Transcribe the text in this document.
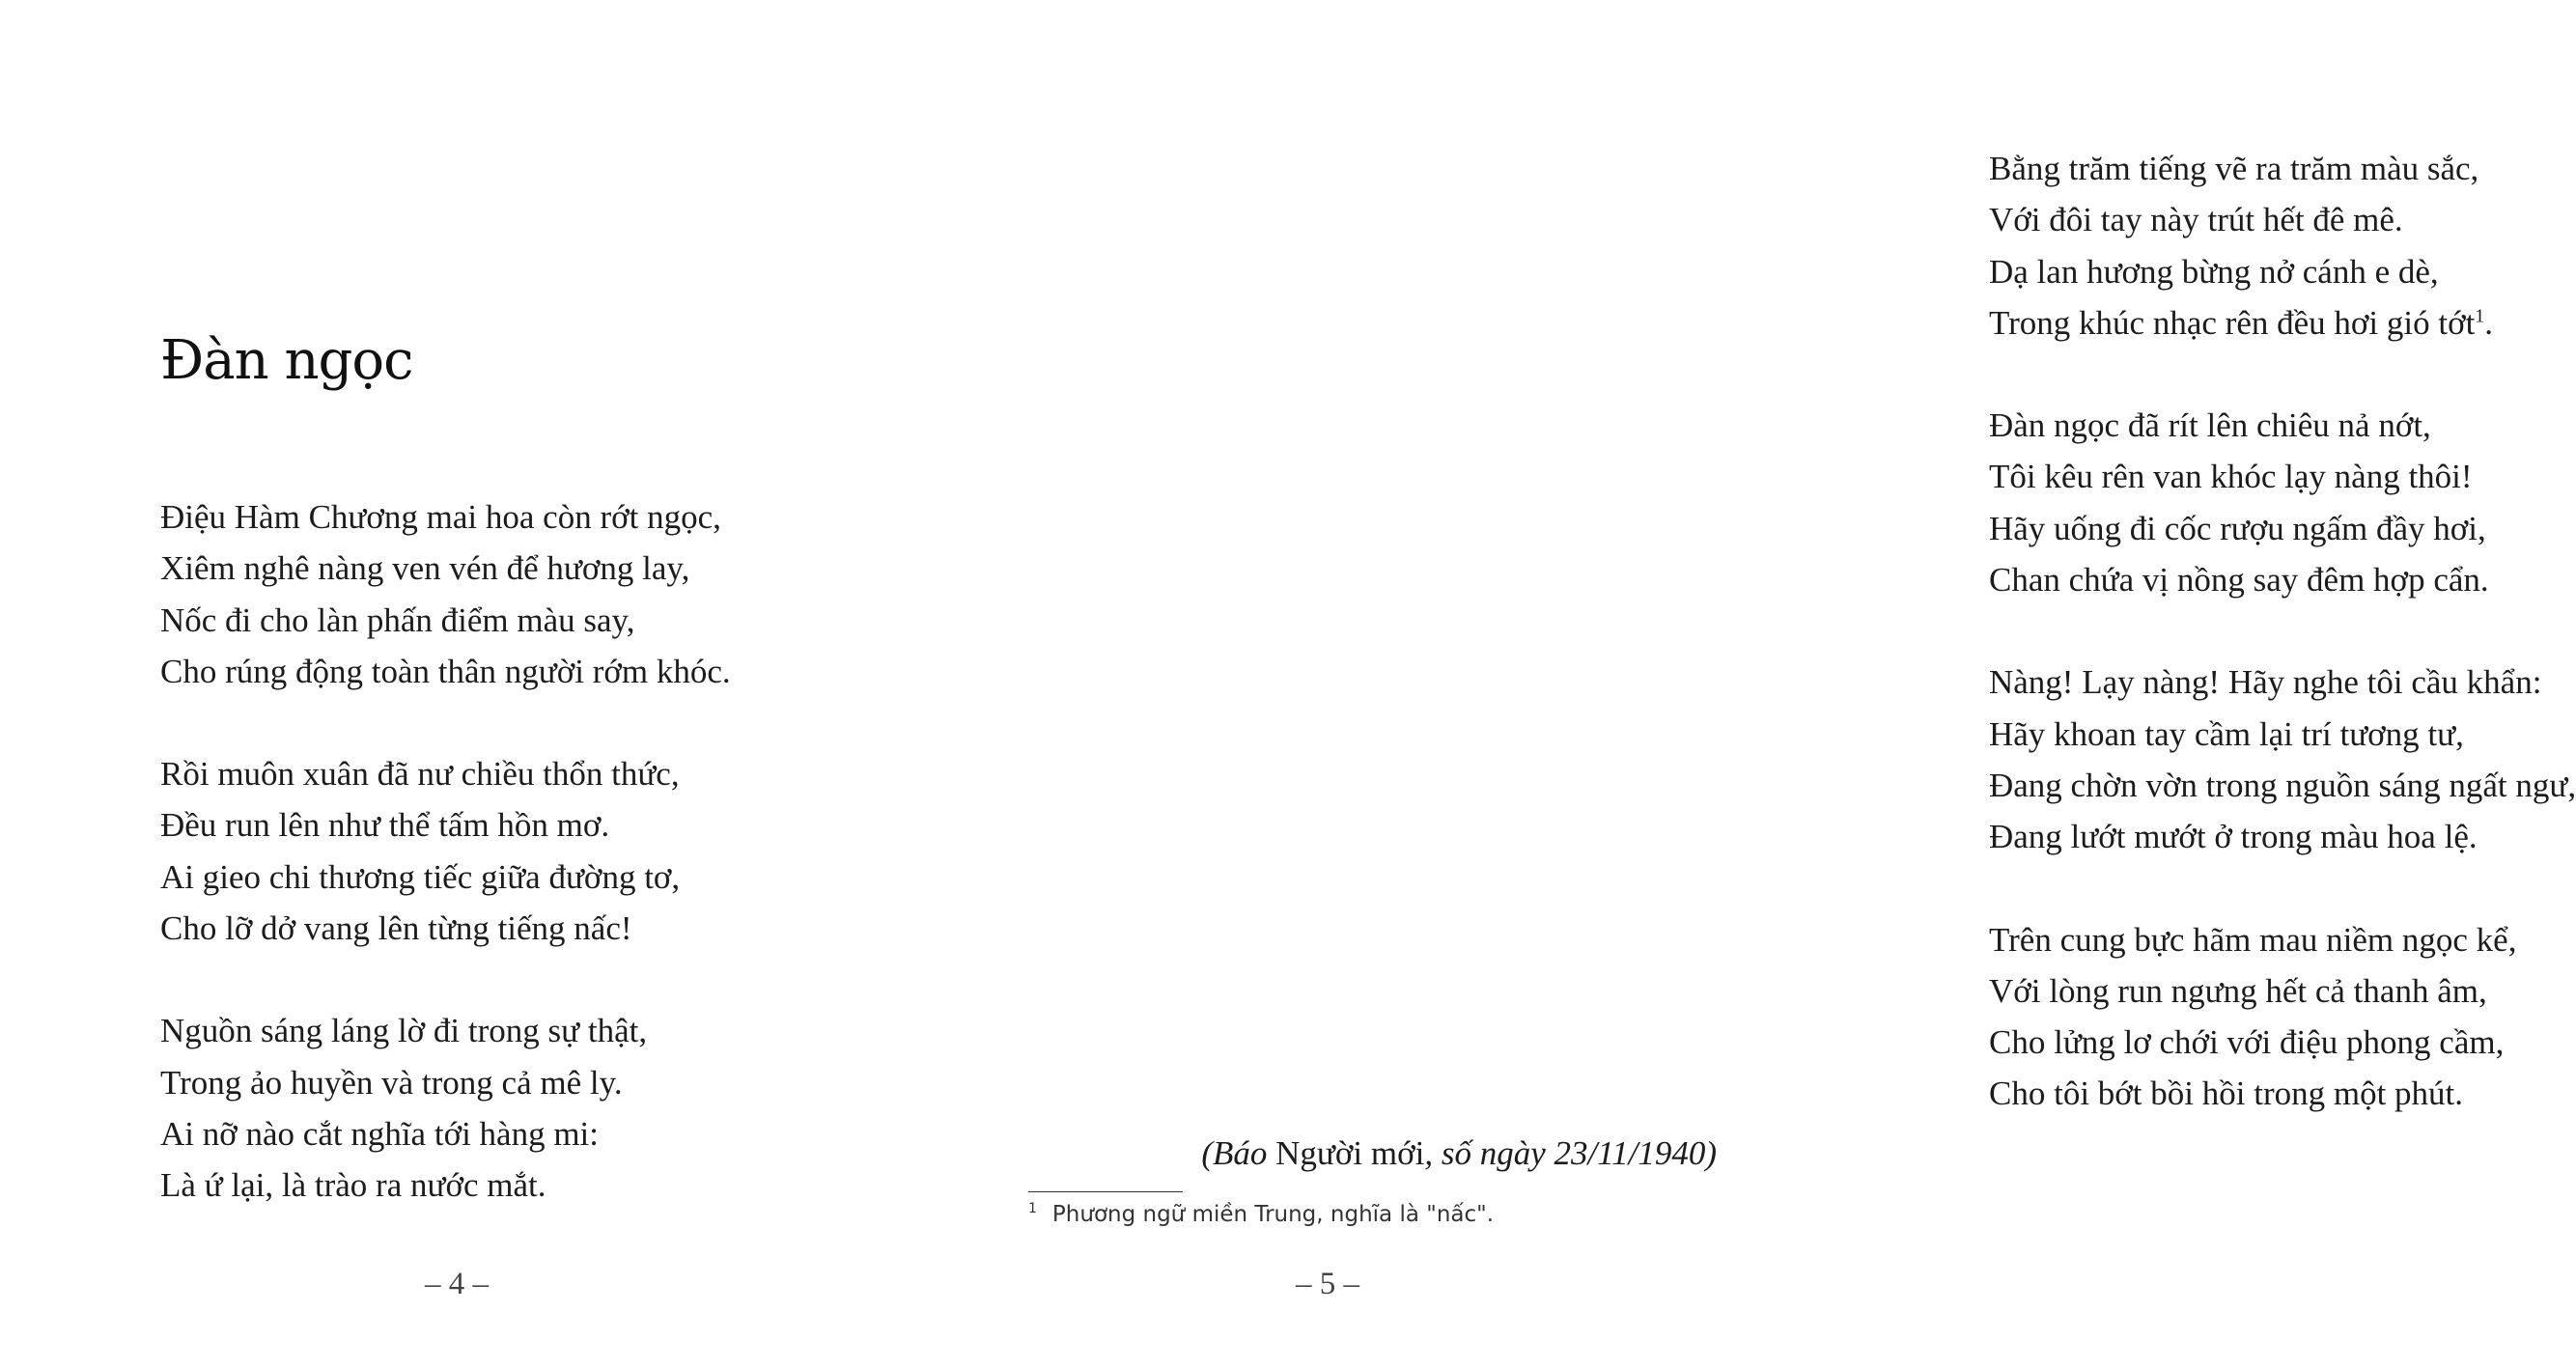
Đàn ngọc
Điệu Hàm Chương mai hoa còn rớt ngọc,
Xiêm nghê nàng ven vén để hương lay,
Nốc đi cho làn phấn điểm màu say,
Cho rúng động toàn thân người rớm khóc.
Rồi muôn xuân đã nư chiều thổn thức,
Đều run lên như thể tấm hồn mơ.
Ai gieo chi thương tiếc giữa đường tơ,
Cho lỡ dở vang lên từng tiếng nấc!
Nguồn sáng láng lờ đi trong sự thật,
Trong ảo huyền và trong cả mê ly.
Ai nỡ nào cắt nghĩa tới hàng mi:
Là ứ lại, là trào ra nước mắt.
– 4 –
Bằng trăm tiếng vẽ ra trăm màu sắc,
Với đôi tay này trút hết đê mê.
Dạ lan hương bừng nở cánh e dè,
Trong khúc nhạc rên đều hơi gió tớt$^1$.
Đàn ngọc đã rít lên chiêu nả nớt,
Tôi kêu rên van khóc lạy nàng thôi!
Hãy uống đi cốc rượu ngấm đầy hơi,
Chan chứa vị nồng say đêm hợp cẩn.
Nàng! Lạy nàng! Hãy nghe tôi cầu khẩn:
Hãy khoan tay cầm lại trí tương tư,
Đang chờn vờn trong nguồn sáng ngất ngư,
Đang lướt mướt ở trong màu hoa lệ.
Trên cung bực hãm mau niềm ngọc kể,
Với lòng run ngưng hết cả thanh âm,
Cho lửng lơ chới với điệu phong cầm,
Cho tôi bớt bồi hồi trong một phút.
(Báo Người mới, số ngày 23/11/1940)
$^1$ Phương ngữ miền Trung, nghĩa là "nấc".
– 5 –
